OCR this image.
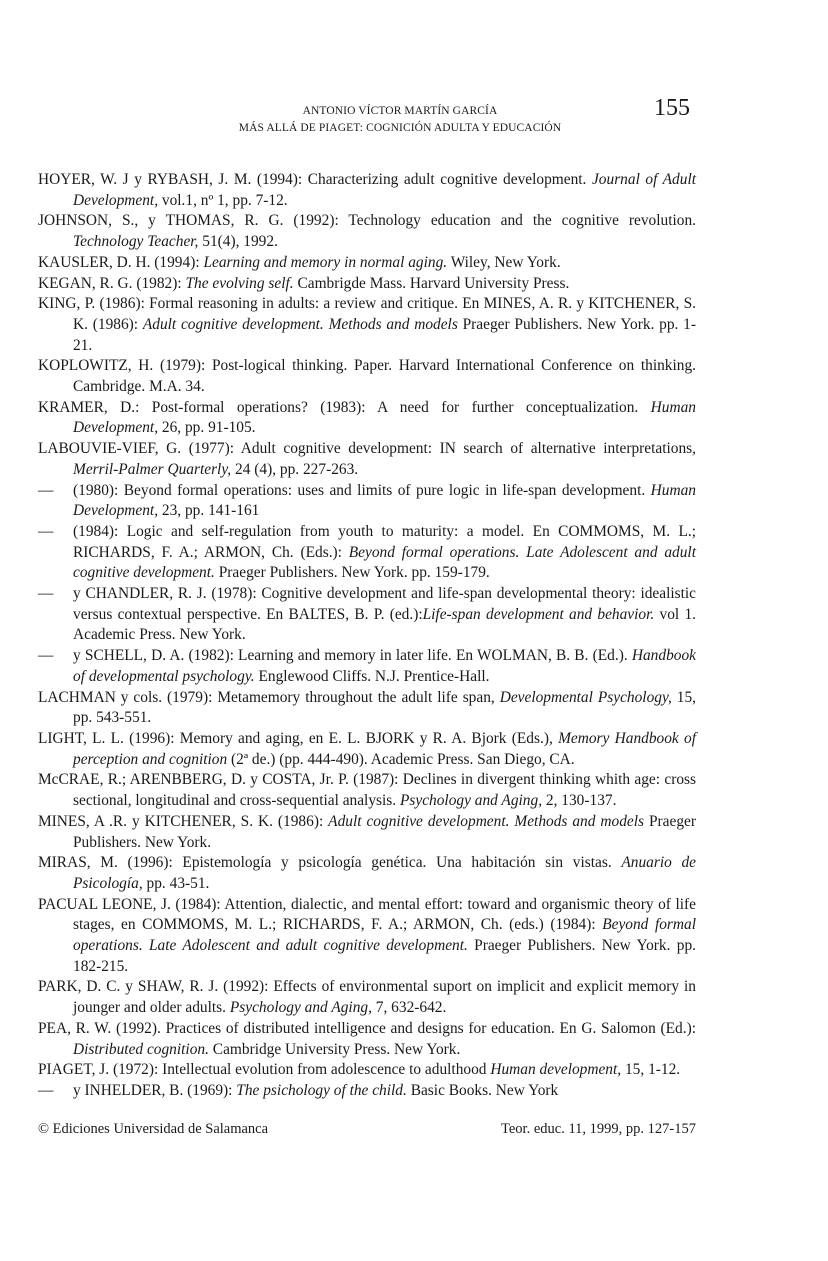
ANTONIO VÍCTOR MARTÍN GARCÍA
MÁS ALLÁ DE PIAGET: COGNICIÓN ADULTA Y EDUCACIÓN
155

HOYER, W. J y RYBASH, J. M. (1994): Characterizing adult cognitive development. Journal of Adult Development, vol.1, nº 1, pp. 7-12.

JOHNSON, S., y THOMAS, R. G. (1992): Technology education and the cognitive revolution. Technology Teacher, 51(4), 1992.

KAUSLER, D. H. (1994): Learning and memory in normal aging. Wiley, New York.

KEGAN, R. G. (1982): The evolving self. Cambrigde Mass. Harvard University Press.

KING, P. (1986): Formal reasoning in adults: a review and critique. En MINES, A. R. y KITCHENER, S. K. (1986): Adult cognitive development. Methods and models Praeger Publishers. New York. pp. 1-21.

KOPLOWITZ, H. (1979): Post-logical thinking. Paper. Harvard International Conference on thinking. Cambridge. M.A. 34.

KRAMER, D.: Post-formal operations? (1983): A need for further conceptualization. Human Development, 26, pp. 91-105.

LABOUVIE-VIEF, G. (1977): Adult cognitive development: IN search of alternative interpretations, Merril-Palmer Quarterly, 24 (4), pp. 227-263.

— (1980): Beyond formal operations: uses and limits of pure logic in life-span development. Human Development, 23, pp. 141-161

— (1984): Logic and self-regulation from youth to maturity: a model. En COMMOMS, M. L.; RICHARDS, F. A.; ARMON, Ch. (Eds.): Beyond formal operations. Late Adolescent and adult cognitive development. Praeger Publishers. New York. pp. 159-179.

— y CHANDLER, R. J. (1978): Cognitive development and life-span developmental theory: idealistic versus contextual perspective. En BALTES, B. P. (ed.):Life-span development and behavior. vol 1. Academic Press. New York.

— y SCHELL, D. A. (1982): Learning and memory in later life. En WOLMAN, B. B. (Ed.). Handbook of developmental psychology. Englewood Cliffs. N.J. Prentice-Hall.

LACHMAN y cols. (1979): Metamemory throughout the adult life span, Developmental Psychology, 15, pp. 543-551.

LIGHT, L. L. (1996): Memory and aging, en E. L. BJORK y R. A. Bjork (Eds.), Memory Handbook of perception and cognition (2ª de.) (pp. 444-490). Academic Press. San Diego, CA.

McCRAE, R.; ARENBBERG, D. y COSTA, Jr. P. (1987): Declines in divergent thinking whith age: cross sectional, longitudinal and cross-sequential analysis. Psychology and Aging, 2, 130-137.

MINES, A .R. y KITCHENER, S. K. (1986): Adult cognitive development. Methods and models Praeger Publishers. New York.

MIRAS, M. (1996): Epistemología y psicología genética. Una habitación sin vistas. Anuario de Psicología, pp. 43-51.

PACUAL LEONE, J. (1984): Attention, dialectic, and mental effort: toward and organismic theory of life stages, en COMMOMS, M. L.; RICHARDS, F. A.; ARMON, Ch. (eds.) (1984): Beyond formal operations. Late Adolescent and adult cognitive development. Praeger Publishers. New York. pp. 182-215.

PARK, D. C. y SHAW, R. J. (1992): Effects of environmental suport on implicit and explicit memory in jounger and older adults. Psychology and Aging, 7, 632-642.

PEA, R. W. (1992). Practices of distributed intelligence and designs for education. En G. Salomon (Ed.): Distributed cognition. Cambridge University Press. New York.

PIAGET, J. (1972): Intellectual evolution from adolescence to adulthood Human development, 15, 1-12.

— y INHELDER, B. (1969): The psichology of the child. Basic Books. New York

© Ediciones Universidad de Salamanca	Teor. educ. 11, 1999, pp. 127-157
